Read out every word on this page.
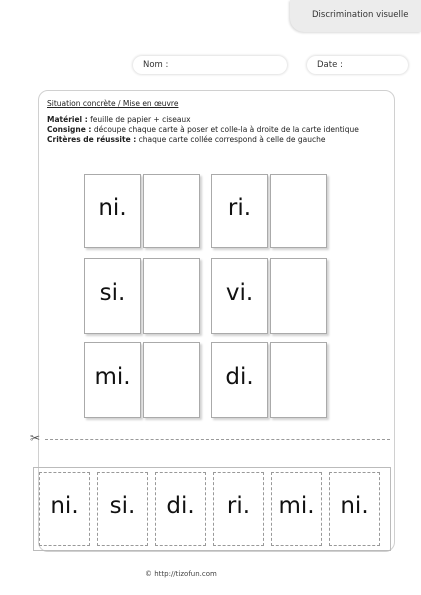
Discrimination visuelle
Nom :	Date :
Situation concrète / Mise en œuvre
Matériel : feuille de papier + ciseaux
Consigne : découpe chaque carte à poser et colle-la à droite de la carte identique
Critères de réussite : chaque carte collée correspond à celle de gauche
ni.
si.
mi.
ri.
vi.
di.
✂
ni.	si.	di.	ri.	mi.	ni.
© http://tizofun.com
